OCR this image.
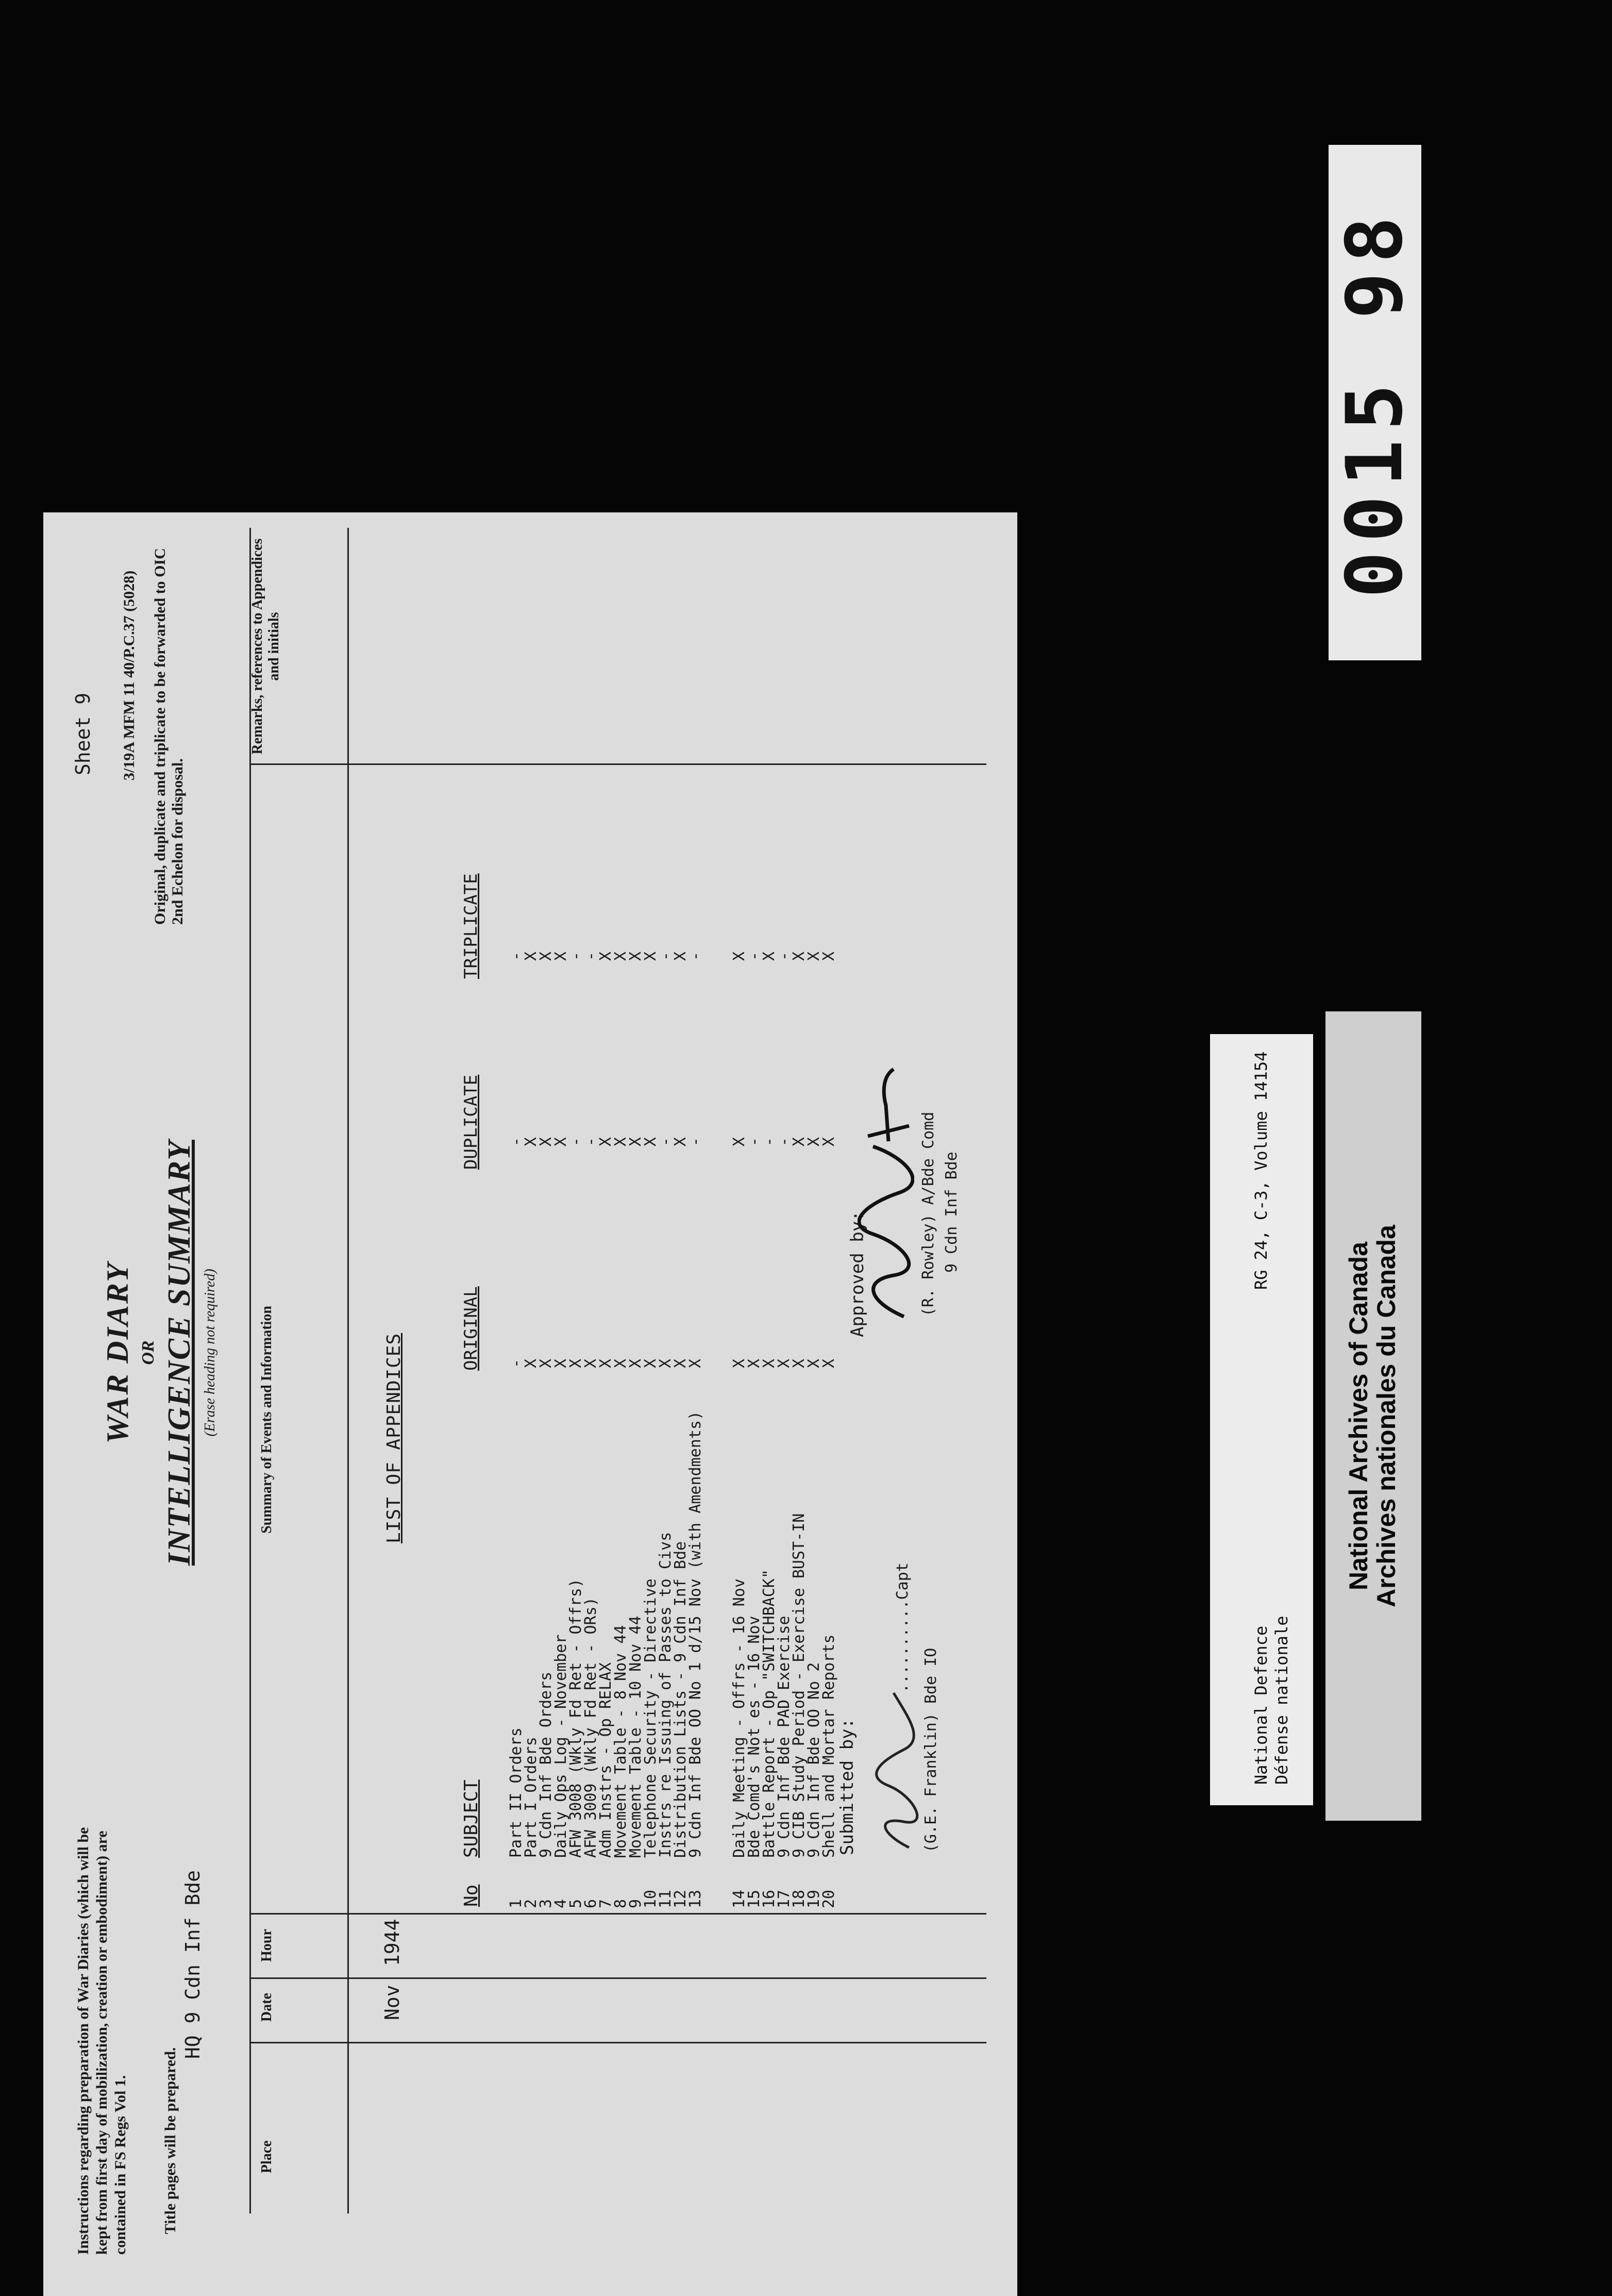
Instructions regarding preparation of War Diaries (which will be kept from first day of mobilization, creation or embodiment) are contained in FS Regs Vol 1. Title pages will be prepared.
HQ 9 Cdn Inf Bde
Sheet 9 3/19A MFM 11 40/P.C.37 (5028) Original, duplicate and triplicate to be forwarded to OIC 2nd Echelon for disposal.
WAR DIARY OR INTELLIGENCE SUMMARY (Erase heading not required)
Place
Date
Hour
Summary of Events and Information
Remarks, references to Appendices and initials
Nov
1944
LIST OF APPENDICES
No
SUBJECT
ORIGINAL
DUPLICATE
TRIPLICATE
1
Part II Orders
-
-
-
2
Part I Orders
X
X
X
3
9 Cdn Inf Bde Orders
X
X
X
4
Daily Ops Log - November
X
X
X
5
AFW 3008 (Wkly Fd Ret - Offrs)
X
-
-
6
AFW 3009 (Wkly Fd Ret - ORs)
X
-
-
7
Adm Instrs - Op RELAX
X
X
X
8
Movement Table - 8 Nov 44
X
X
X
9
Movement Table - 10 Nov 44
X
X
X
10
Telephone Security - Directive
X
X
X
11
Instrs re Issuing of Passes to Civs
X
-
-
12
Distribution Lists - 9 Cdn Inf Bde
X
X
X
13
9 Cdn Inf Bde OO No 1 d/15 Nov (with Amendments)
X
-
-
14
Daily Meeting - Offrs - 16 Nov
X
X
X
15
Bde Comd's Not es - 16 Nov
X
-
-
16
Battle Report - Op "SWITCHBACK"
X
-
X
17
9 Cdn Inf Bde PAD Exercise
X
-
-
18
9 CIB Study Period - Exercise BUST-IN
X
X
X
19
9 Cdn Inf Bde OO No 2
X
X
X
20
Shell and Mortar Reports
X
X
X
Submitted by:
..........Capt
(G.E. Franklin) Bde IO
Approved by:	(R. Rowley) A/Bde Comd 9 Cdn Inf Bde
0015 98
National Defence Défense nationale
RG 24, C-3, Volume 14154
National Archives of Canada
Archives nationales du Canada
